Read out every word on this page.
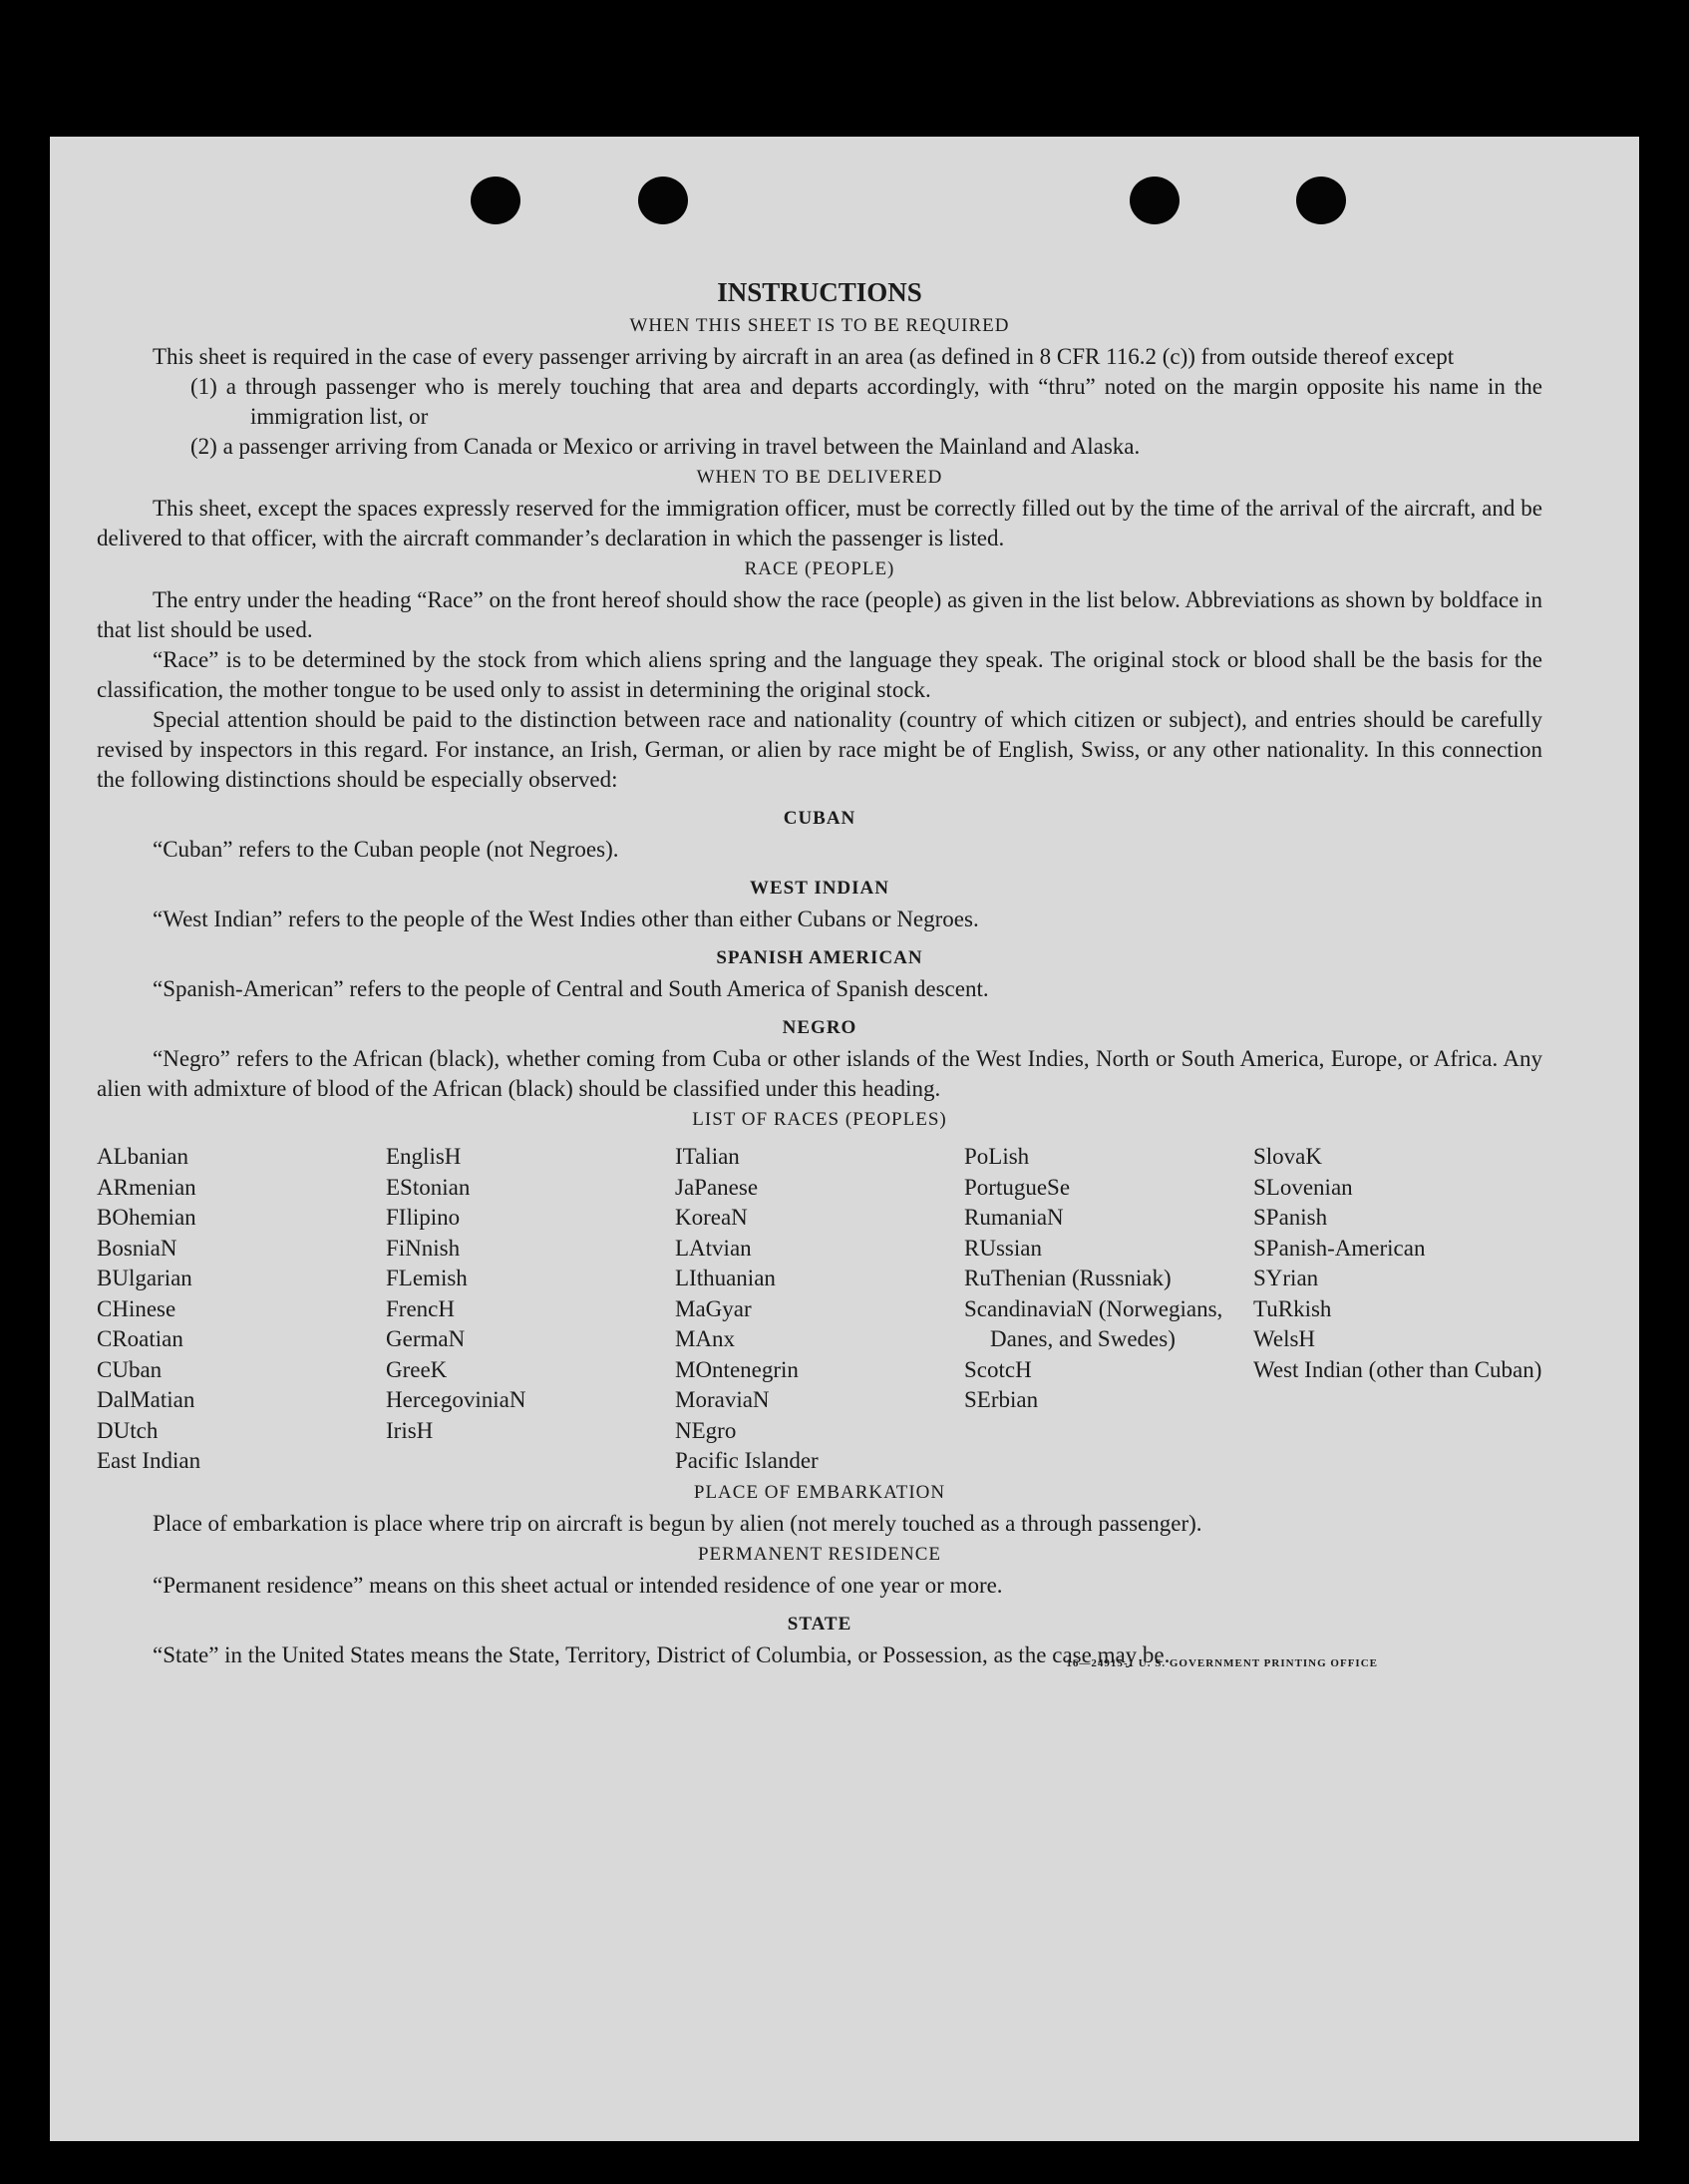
INSTRUCTIONS
WHEN THIS SHEET IS TO BE REQUIRED
This sheet is required in the case of every passenger arriving by aircraft in an area (as defined in 8 CFR 116.2 (c)) from outside thereof except
(1) a through passenger who is merely touching that area and departs accordingly, with “thru” noted on the margin opposite his name in the immigration list, or
(2) a passenger arriving from Canada or Mexico or arriving in travel between the Mainland and Alaska.
WHEN TO BE DELIVERED
This sheet, except the spaces expressly reserved for the immigration officer, must be correctly filled out by the time of the arrival of the aircraft, and be delivered to that officer, with the aircraft commander’s declaration in which the passenger is listed.
RACE (PEOPLE)
The entry under the heading “Race” on the front hereof should show the race (people) as given in the list below. Abbreviations as shown by boldface in that list should be used.
“Race” is to be determined by the stock from which aliens spring and the language they speak. The original stock or blood shall be the basis for the classification, the mother tongue to be used only to assist in determining the original stock.
Special attention should be paid to the distinction between race and nationality (country of which citizen or subject), and entries should be carefully revised by inspectors in this regard. For instance, an Irish, German, or alien by race might be of English, Swiss, or any other nationality. In this connection the following distinctions should be especially observed:
CUBAN
“Cuban” refers to the Cuban people (not Negroes).
WEST INDIAN
“West Indian” refers to the people of the West Indies other than either Cubans or Negroes.
SPANISH AMERICAN
“Spanish-American” refers to the people of Central and South America of Spanish descent.
NEGRO
“Negro” refers to the African (black), whether coming from Cuba or other islands of the West Indies, North or South America, Europe, or Africa. Any alien with admixture of blood of the African (black) should be classified under this heading.
LIST OF RACES (PEOPLES)
ALbanian
ARmenian
BOhemian
BosniaN
BUlgarian
CHinese
CRoatian
CUban
DalMatian
DUtch
East Indian
EnglisH
EStonian
FIlipino
FiNnish
FLemish
FrencH
GermaN
GreeK
HercegoviniaN
IrisH
ITalian
JaPanese
KoreaN
LAtvian
LIthuanian
MaGyar
MAnx
MOntenegrin
MoraviaN
NEgro
Pacific Islander
PoLish
PortugueSe
RumaniaN
RUssian
RuThenian (Russniak)
ScandinaviaN (Norwegians, Danes, and Swedes)
ScotcH
SErbian
SlovaK
SLovenian
SPanish
SPanish-American
SYrian
TuRkish
WelsH
West Indian (other than Cuban)
PLACE OF EMBARKATION
Place of embarkation is place where trip on aircraft is begun by alien (not merely touched as a through passenger).
PERMANENT RESIDENCE
“Permanent residence” means on this sheet actual or intended residence of one year or more.
STATE
“State” in the United States means the State, Territory, District of Columbia, or Possession, as the case may be.
16—24915-1 U. S. GOVERNMENT PRINTING OFFICE
